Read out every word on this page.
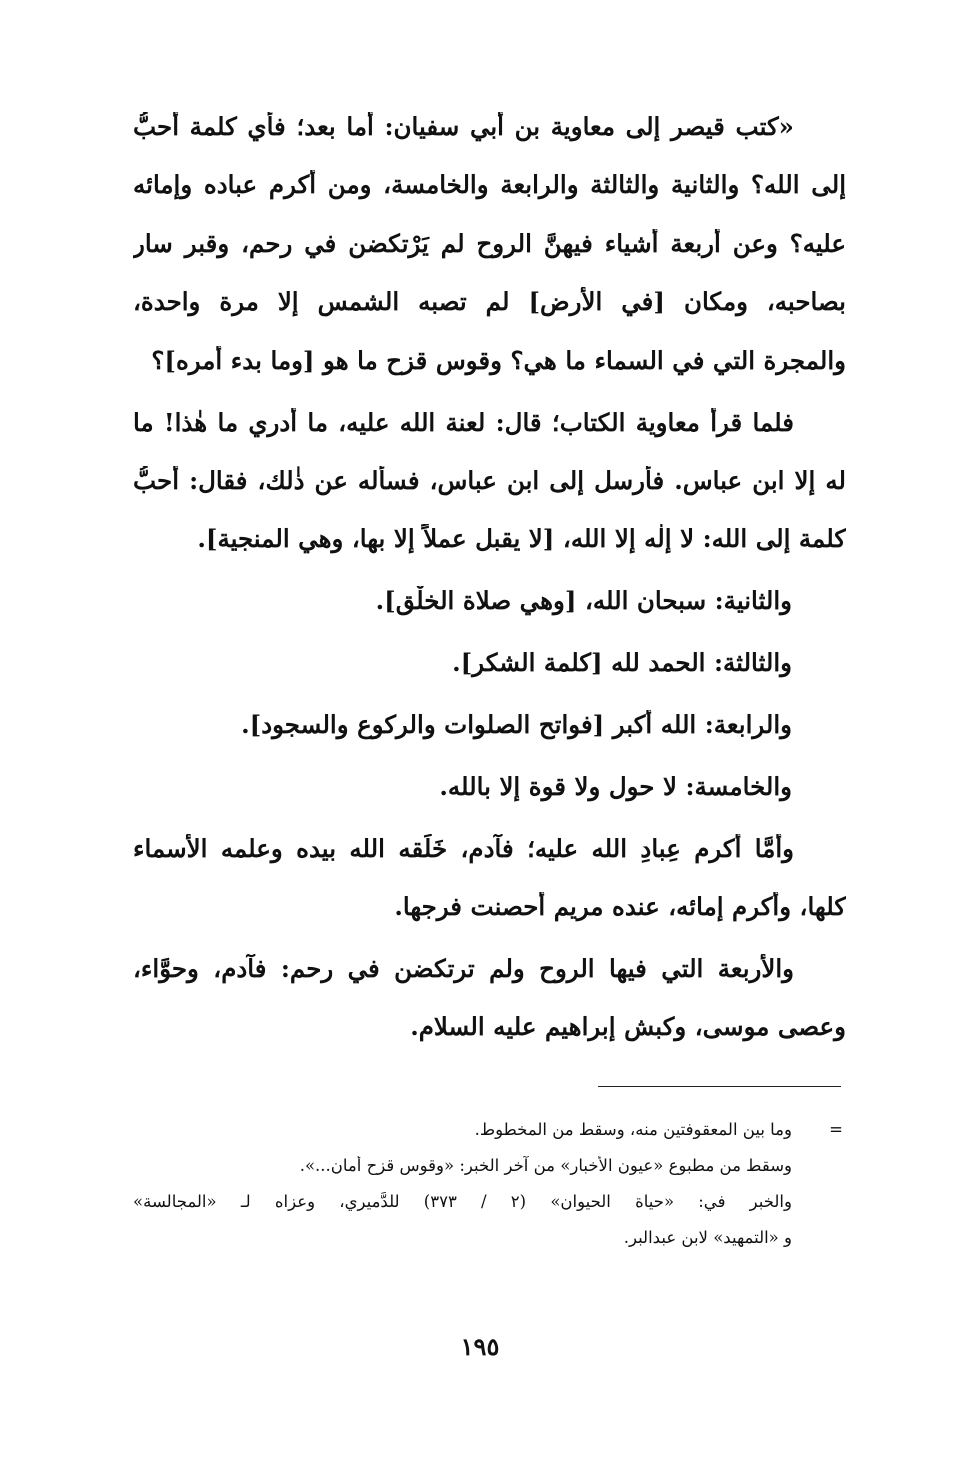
«كتب قيصر إلى معاوية بن أبي سفيان: أما بعد؛ فأي كلمة أحبُّ
إلى الله؟ والثانية والثالثة والرابعة والخامسة، ومن أكرم عباده وإمائه
عليه؟ وعن أربعة أشياء فيهنَّ الروح لم يَرْتكضن في رحم، وقبر سار
بصاحبه، ومكان [في الأرض] لم تصبه الشمس إلا مرة واحدة،
والمجرة التي في السماء ما هي؟ وقوس قزح ما هو [وما بدء أمره]؟
فلما قرأ معاوية الكتاب؛ قال: لعنة الله عليه، ما أدري ما هٰذا! ما
له إلا ابن عباس. فأرسل إلى ابن عباس، فسأله عن ذٰلك، فقال: أحبُّ
كلمة إلى الله: لا إلٰه إلا الله، [لا يقبل عملاً إلا بها، وهي المنجية].
والثانية: سبحان الله، [وهي صلاة الخلْق].
والثالثة: الحمد لله [كلمة الشكر].
والرابعة: الله أكبر [فواتح الصلوات والركوع والسجود].
والخامسة: لا حول ولا قوة إلا بالله.
وأمَّا أكرم عِبادِ الله عليه؛ فآدم، خَلَقه الله بيده وعلمه الأسماء
كلها، وأكرم إمائه، عنده مريم أحصنت فرجها.
والأربعة التي فيها الروح ولم ترتكضن في رحم: فآدم، وحوَّاء،
وعصى موسى، وكبش إبراهيم عليه السلام.
=
وما بين المعقوفتين منه، وسقط من المخطوط.
وسقط من مطبوع «عيون الأخبار» من آخر الخبر: «وقوس قزح أمان...».
والخبر في: «حياة الحيوان» (٢ / ٣٧٣) للدَّميري، وعزاه لـ «المجالسة»
و «التمهيد» لابن عبدالبر.
١٩٥
